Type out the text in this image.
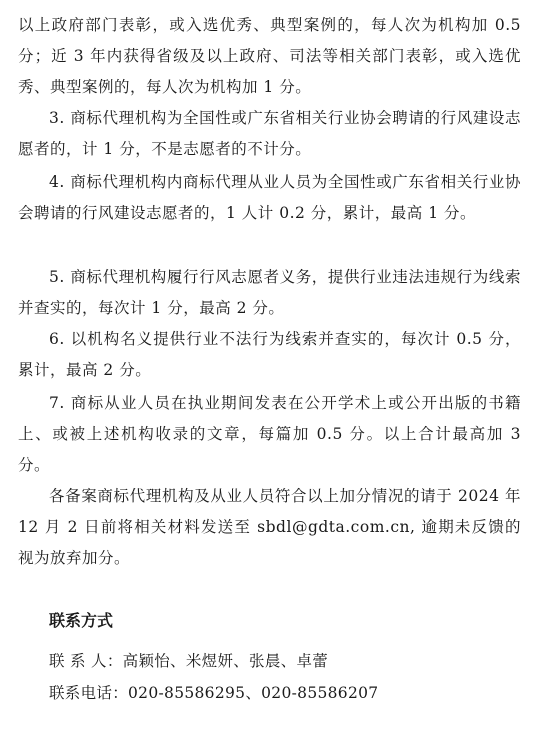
以上政府部门表彰，或入选优秀、典型案例的，每人次为机构加 0.5 分；近 3 年内获得省级及以上政府、司法等相关部门表彰，或入选优秀、典型案例的，每人次为机构加 1 分。

3. 商标代理机构为全国性或广东省相关行业协会聘请的行风建设志愿者的，计 1 分，不是志愿者的不计分。

4. 商标代理机构内商标代理从业人员为全国性或广东省相关行业协会聘请的行风建设志愿者的，1 人计 0.2 分，累计，最高 1 分。

5. 商标代理机构履行行风志愿者义务，提供行业违法违规行为线索并查实的，每次计 1 分，最高 2 分。

6. 以机构名义提供行业不法行为线索并查实的，每次计 0.5 分，累计，最高 2 分。

7. 商标从业人员在执业期间发表在公开学术上或公开出版的书籍上、或被上述机构收录的文章，每篇加 0.5 分。以上合计最高加 3 分。

各备案商标代理机构及从业人员符合以上加分情况的请于 2024 年 12 月 2 日前将相关材料发送至 sbdl@gdta.com.cn, 逾期未反馈的视为放弃加分。

联系方式

联 系 人：高颖怡、米煜妍、张晨、卓蕾

联系电话：020-85586295、020-85586207
